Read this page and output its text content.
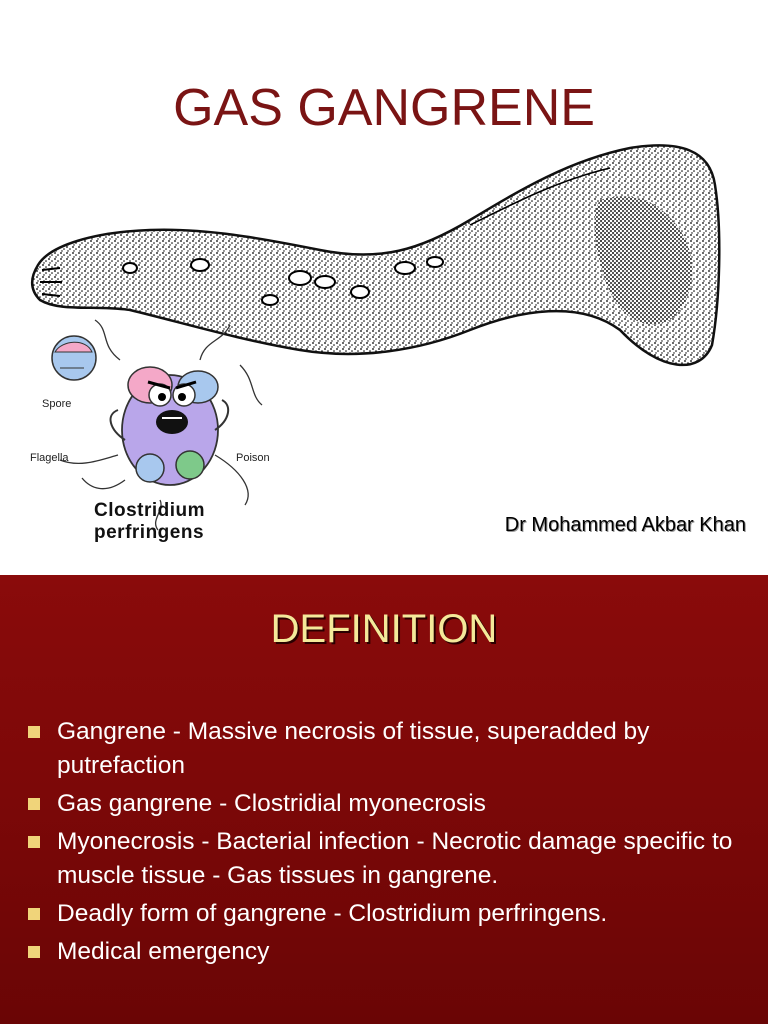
GAS GANGRENE
Spore
Flagella	Poison
Clostridium
perfringens	Dr Mohammed Akbar Khan
DEFINITION
Gangrene - Massive necrosis of tissue, superadded by putrefaction
Gas gangrene - Clostridial myonecrosis
Myonecrosis - Bacterial infection - Necrotic damage specific to muscle tissue - Gas tissues in gangrene.
Deadly form of gangrene - Clostridium perfringens.
Medical emergency
